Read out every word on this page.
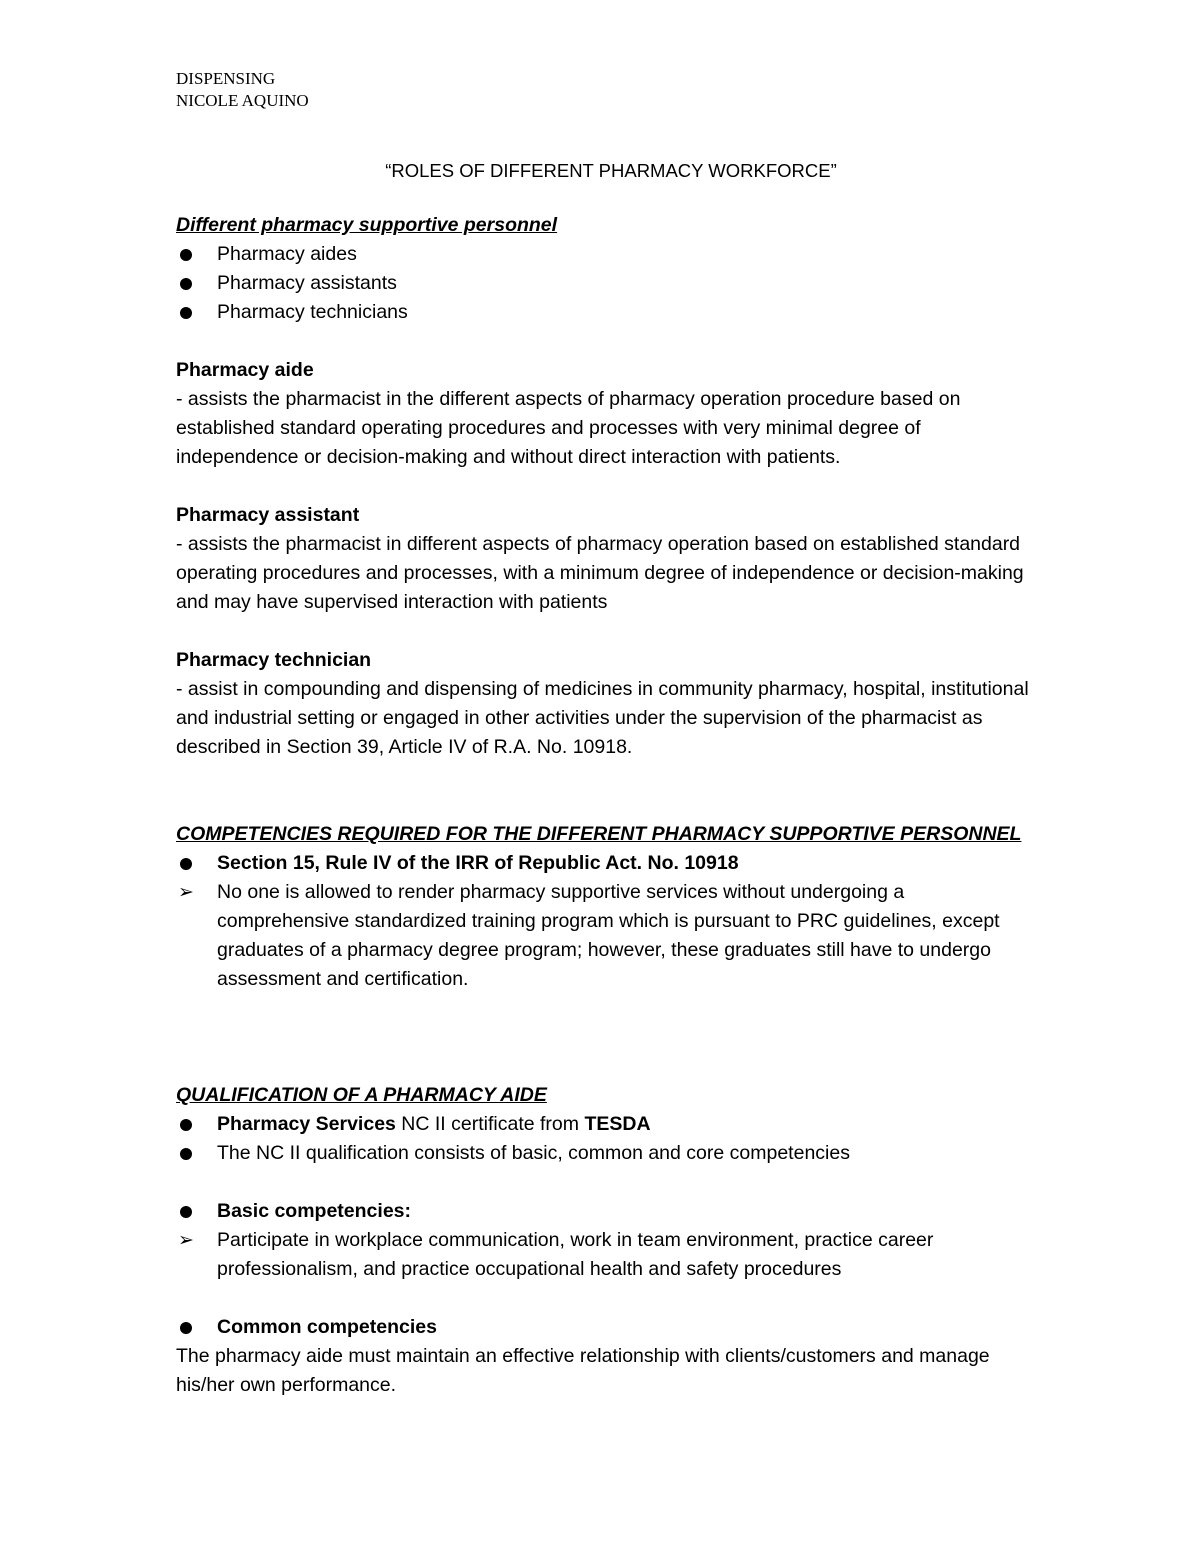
DISPENSING

NICOLE AQUINO

“ROLES OF DIFFERENT PHARMACY WORKFORCE”

Different pharmacy supportive personnel

Pharmacy aides
Pharmacy assistants
Pharmacy technicians

Pharmacy aide

- assists the pharmacist in the different aspects of pharmacy operation procedure based on established standard operating procedures and processes with very minimal degree of independence or decision-making and without direct interaction with patients.

Pharmacy assistant

- assists the pharmacist in different aspects of pharmacy operation based on established standard operating procedures and processes, with a minimum degree of independence or decision-making and may have supervised interaction with patients

Pharmacy technician

- assist in compounding and dispensing of medicines in community pharmacy, hospital, institutional and industrial setting or engaged in other activities under the supervision of the pharmacist as described in Section 39, Article IV of R.A. No. 10918.

COMPETENCIES REQUIRED FOR THE DIFFERENT PHARMACY SUPPORTIVE PERSONNEL

Section 15, Rule IV of the IRR of Republic Act. No. 10918
➢ No one is allowed to render pharmacy supportive services without undergoing a comprehensive standardized training program which is pursuant to PRC guidelines, except graduates of a pharmacy degree program; however, these graduates still have to undergo assessment and certification.

QUALIFICATION OF A PHARMACY AIDE

Pharmacy Services NC II certificate from TESDA
The NC II qualification consists of basic, common and core competencies
Basic competencies:
➢ Participate in workplace communication, work in team environment, practice career professionalism, and practice occupational health and safety procedures
Common competencies

The pharmacy aide must maintain an effective relationship with clients/customers and manage his/her own performance.
